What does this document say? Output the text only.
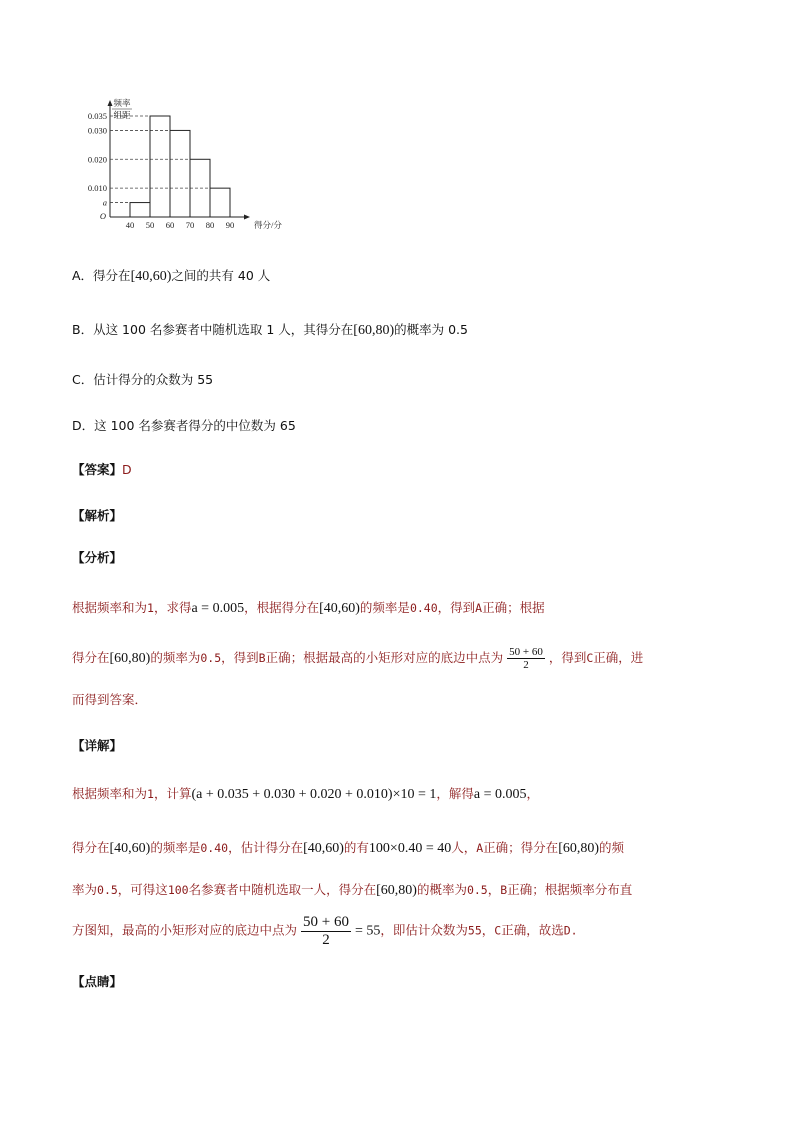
40 50 60 70 80 90
a
0.010
0.020
0.030
0.035
O
频率
组距
得分/分
A．得分在[40,60)之间的共有 40 人
B．从这 100 名参赛者中随机选取 1 人，其得分在[60,80)的概率为 0.5
C．估计得分的众数为 55
D．这 100 名参赛者得分的中位数为 65
【答案】D
【解析】
【分析】
根据频率和为1，求得a = 0.005，根据得分在[40,60)的频率是0.40，得到A正确；根据
得分在[60,80)的频率为0.5，得到B正确；根据最高的小矩形对应的底边中点为 $\frac{50 + 60}{2}$ ，得到C正确，进
而得到答案．
【详解】
根据频率和为1，计算(a + 0.035 + 0.030 + 0.020 + 0.010)×10 = 1，解得a = 0.005，
得分在[40,60)的频率是0.40，估计得分在[40,60)的有100×0.40 = 40人，A正确；得分在[60,80)的频
率为0.5，可得这100名参赛者中随机选取一人，得分在[60,80)的概率为0.5，B正确；根据频率分布直
方图知，最高的小矩形对应的底边中点为 $\frac{50 + 60}{2} = 55$，即估计众数为55，C正确，故选D.
【点睛】
